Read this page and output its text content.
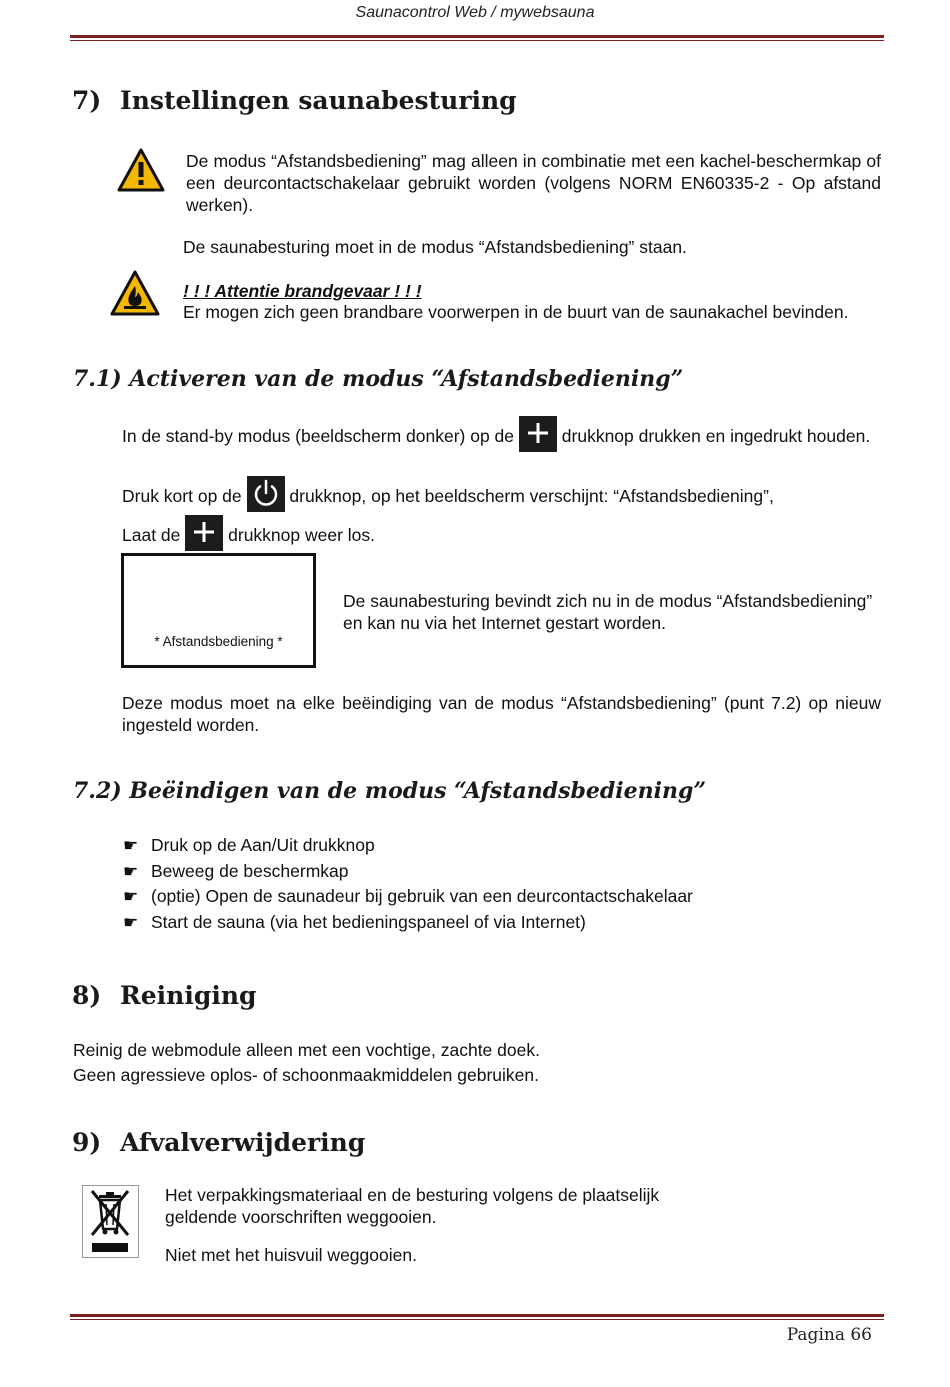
Saunacontrol Web / mywebsauna
7) Instellingen saunabesturing
De modus “Afstandsbediening” mag alleen in combinatie met een kachel-beschermkap of een deurcontactschakelaar gebruikt worden (volgens NORM EN60335-2 - Op afstand werken).
De saunabesturing moet in de modus “Afstandsbediening” staan.
! ! ! Attentie brandgevaar ! ! !
Er mogen zich geen brandbare voorwerpen in de buurt van de saunakachel bevinden.
7.1) Activeren van de modus “Afstandsbediening”
In de stand-by modus (beeldscherm donker) op de	drukknop drukken en ingedrukt houden.
Druk kort op de	drukknop, op het beeldscherm verschijnt: “Afstandsbediening”,
Laat de	drukknop weer los.
* Afstandsbediening *
De saunabesturing bevindt zich nu in de modus “Afstandsbediening” en kan nu via het Internet gestart worden.
Deze modus moet na elke beëindiging van de modus “Afstandsbediening” (punt 7.2) op nieuw ingesteld worden.
7.2) Beëindigen van de modus “Afstandsbediening”
☛ Druk op de Aan/Uit drukknop
☛ Beweeg de beschermkap
☛ (optie) Open de saunadeur bij gebruik van een deurcontactschakelaar
☛ Start de sauna (via het bedieningspaneel of via Internet)
8) Reiniging
Reinig de webmodule alleen met een vochtige, zachte doek.
Geen agressieve oplos- of schoonmaakmiddelen gebruiken.
9) Afvalverwijdering
Het verpakkingsmateriaal en de besturing volgens de plaatselijk geldende voorschriften weggooien.
Niet met het huisvuil weggooien.
Pagina 66
